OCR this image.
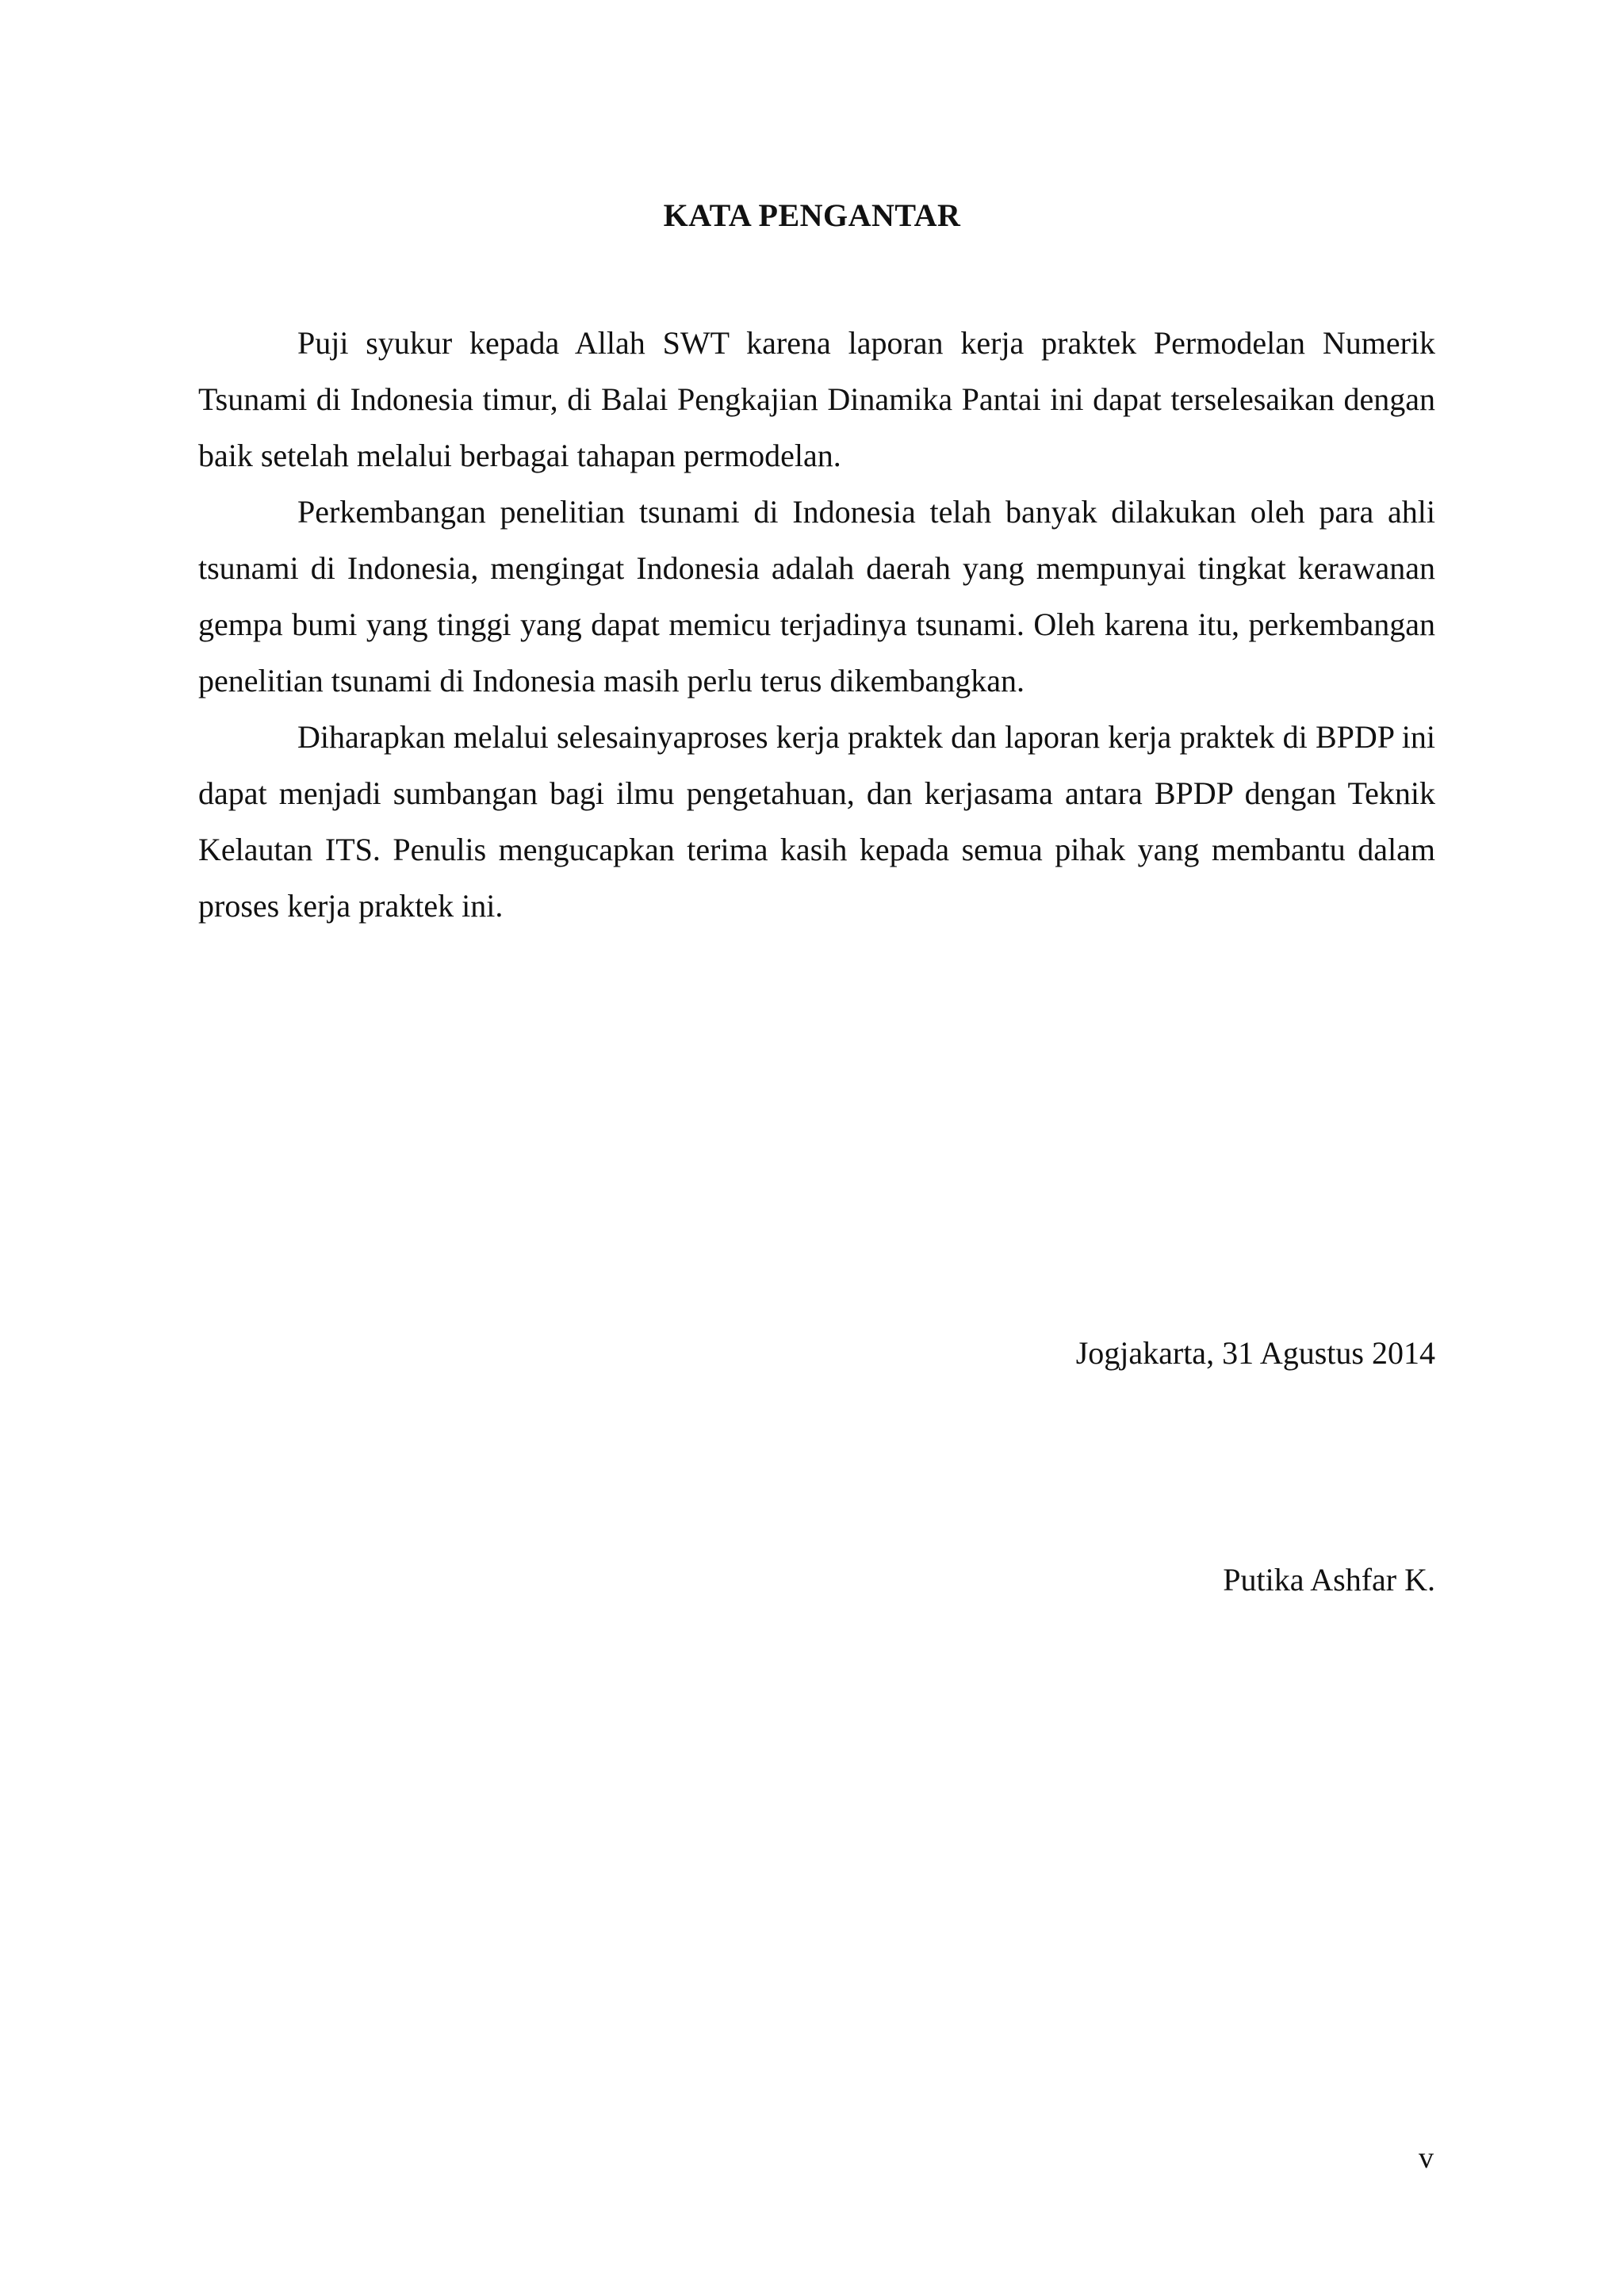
KATA PENGANTAR

Puji syukur kepada Allah SWT karena laporan kerja praktek Permodelan Numerik Tsunami di Indonesia timur, di Balai Pengkajian Dinamika Pantai ini dapat terselesaikan dengan baik setelah melalui berbagai tahapan permodelan.

Perkembangan penelitian tsunami di Indonesia telah banyak dilakukan oleh para ahli tsunami di Indonesia, mengingat Indonesia adalah daerah yang mempunyai tingkat kerawanan gempa bumi yang tinggi yang dapat memicu terjadinya tsunami. Oleh karena itu, perkembangan penelitian tsunami di Indonesia masih perlu terus dikembangkan.

Diharapkan melalui selesainyaproses kerja praktek dan laporan kerja praktek di BPDP ini dapat menjadi sumbangan bagi ilmu pengetahuan, dan kerjasama antara BPDP dengan Teknik Kelautan ITS. Penulis mengucapkan terima kasih kepada semua pihak yang membantu dalam proses kerja praktek ini.

Jogjakarta, 31 Agustus 2014

Putika Ashfar K.

v
